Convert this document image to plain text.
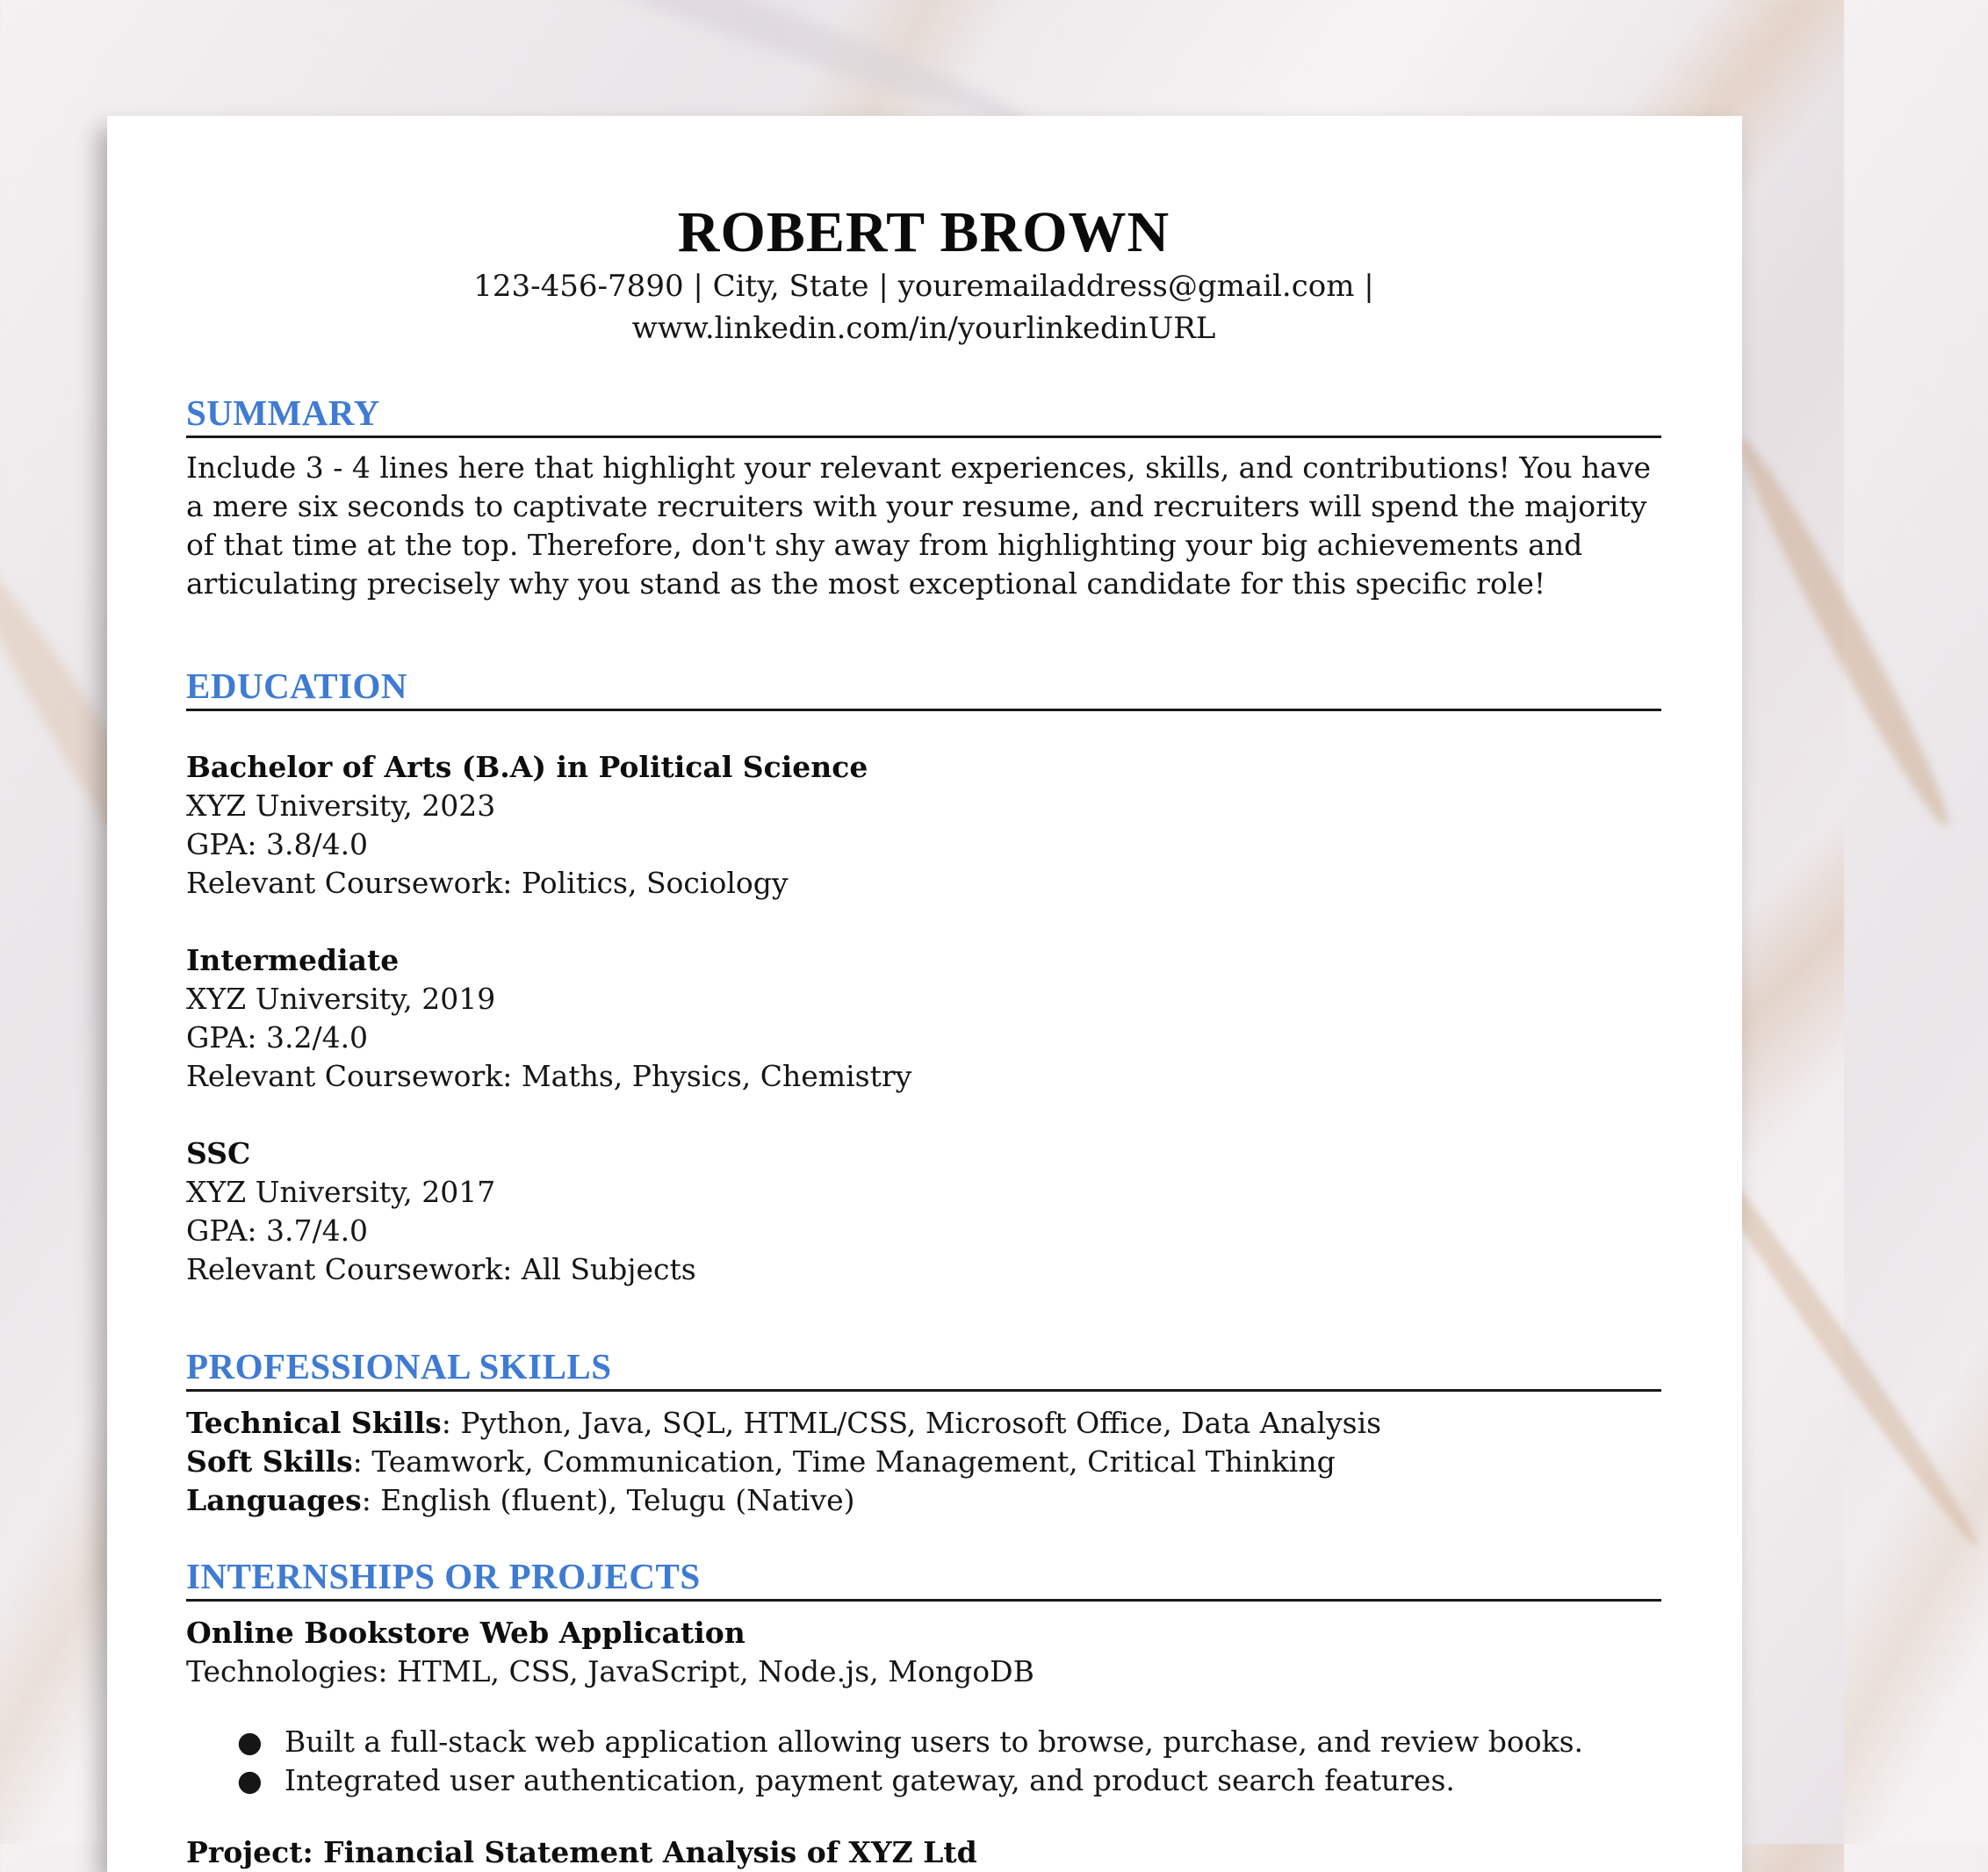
ROBERT BROWN
123-456-7890 | City, State | youremailaddress@gmail.com | www.linkedin.com/in/yourlinkedinURL
SUMMARY
Include 3 - 4 lines here that highlight your relevant experiences, skills, and contributions! You have a mere six seconds to captivate recruiters with your resume, and recruiters will spend the majority of that time at the top. Therefore, don't shy away from highlighting your big achievements and articulating precisely why you stand as the most exceptional candidate for this specific role!
EDUCATION
Bachelor of Arts (B.A) in Political Science
XYZ University, 2023
GPA: 3.8/4.0
Relevant Coursework: Politics, Sociology
Intermediate
XYZ University, 2019
GPA: 3.2/4.0
Relevant Coursework: Maths, Physics, Chemistry
SSC
XYZ University, 2017
GPA: 3.7/4.0
Relevant Coursework: All Subjects
PROFESSIONAL SKILLS
Technical Skills: Python, Java, SQL, HTML/CSS, Microsoft Office, Data Analysis
Soft Skills: Teamwork, Communication, Time Management, Critical Thinking
Languages: English (fluent), Telugu (Native)
INTERNSHIPS OR PROJECTS
Online Bookstore Web Application
Technologies: HTML, CSS, JavaScript, Node.js, MongoDB
● Built a full-stack web application allowing users to browse, purchase, and review books.
● Integrated user authentication, payment gateway, and product search features.
Project: Financial Statement Analysis of XYZ Ltd
